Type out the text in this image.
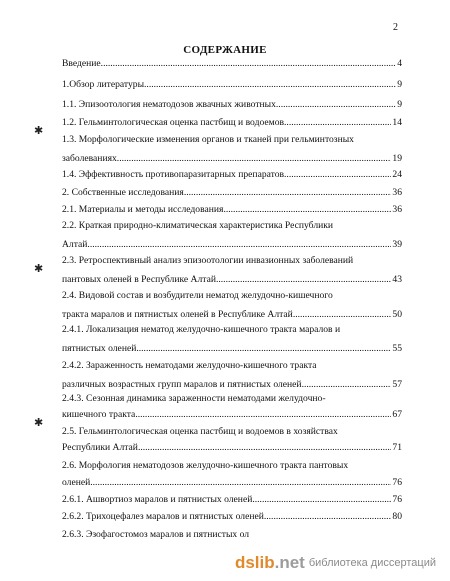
2
СОДЕРЖАНИЕ
Введение .....	4
1.Обзор литературы .....	9
1.1. Эпизоотология нематодозов жвачных животных .....	9
1.2. Гельминтологическая оценка пастбищ и водоемов .....	14
1.3. Морфологические изменения органов и тканей при гельминтозных
заболеваниях .....	19
1.4. Эффективность противопаразитарных препаратов .....	24
2. Собственные исследования .....	36
2.1. Материалы и методы исследования .....	36
2.2. Краткая природно-климатическая характеристика Республики
Алтай .....	39
2.3. Ретроспективный анализ эпизоотологии инвазионных заболеваний
пантовых оленей в Республике Алтай .....	43
2.4. Видовой состав и возбудители нематод желудочно-кишечного
тракта маралов и пятнистых оленей в Республике Алтай .....	50
2.4.1. Локализация нематод желудочно-кишечного тракта маралов и
пятнистых оленей .....	55
2.4.2. Зараженность нематодами желудочно-кишечного тракта
различных возрастных групп маралов и пятнистых оленей .....	57
2.4.3. Сезонная динамика зараженности нематодами желудочно-
кишечного тракта .....	67
2.5. Гельминтологическая оценка пастбищ и водоемов в хозяйствах
Республики Алтай .....	71
2.6. Морфология нематодозов желудочно-кишечного тракта пантовых
оленей .....	76
2.6.1. Ашвортиоз маралов и пятнистых оленей .....	76
2.6.2. Трихоцефалез маралов и пятнистых оленей .....	80
2.6.3. Эзофагостомоз маралов и пятнистых ол
✱
✱
✱
dslib.net библиотека диссертаций
